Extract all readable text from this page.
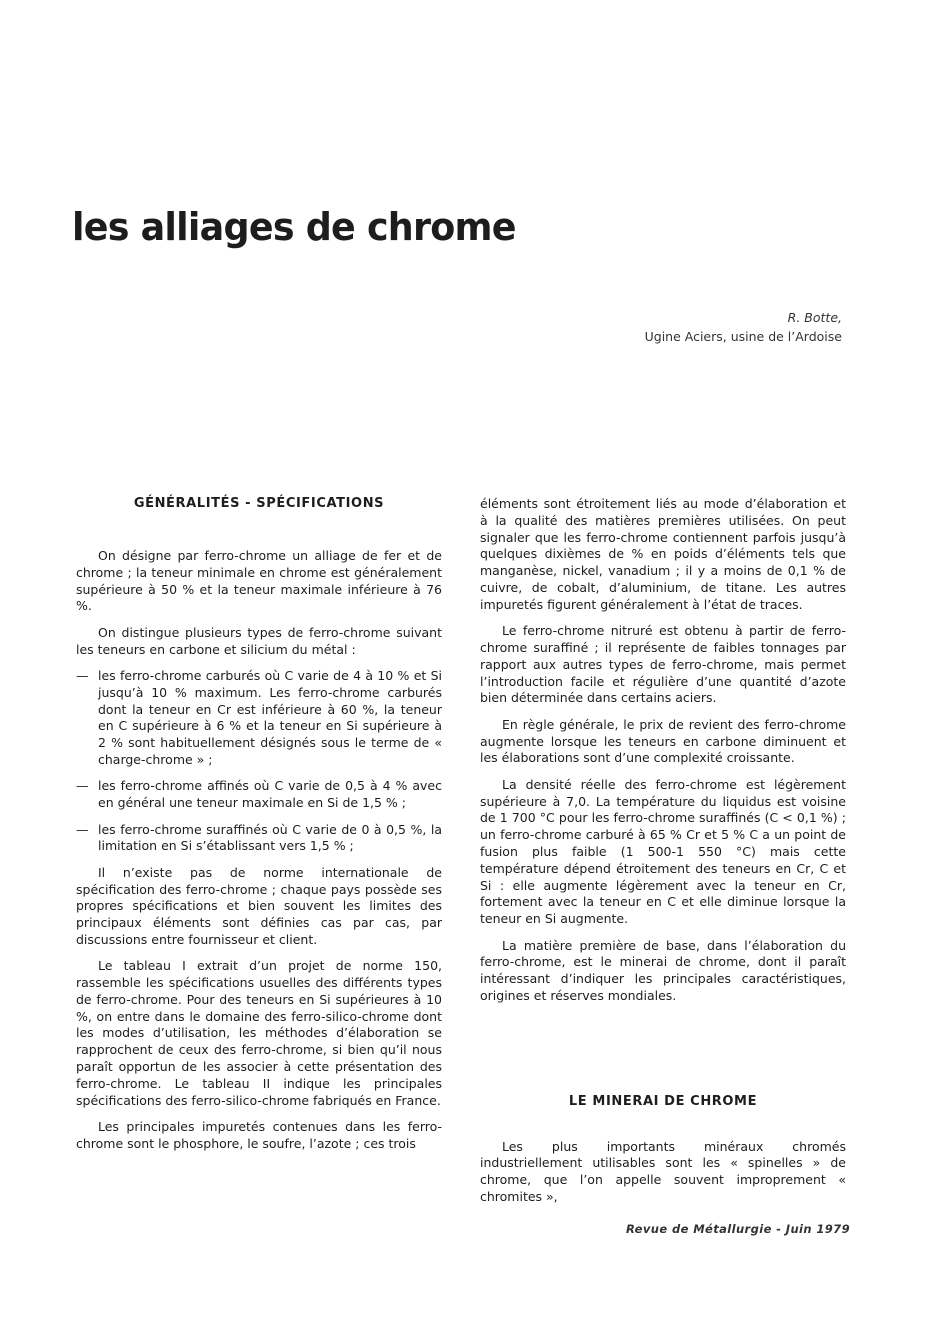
les alliages de chrome
R. Botte,
Ugine Aciers, usine de l’Ardoise
GÉNÉRALITÉS - SPÉCIFICATIONS

On désigne par ferro-chrome un alliage de fer et de chrome ; la teneur minimale en chrome est généralement supérieure à 50 % et la teneur maximale inférieure à 76 %.

On distingue plusieurs types de ferro-chrome suivant les teneurs en carbone et silicium du métal :

— les ferro-chrome carburés où C varie de 4 à 10 % et Si jusqu’à 10 % maximum. Les ferro-chrome carburés dont la teneur en Cr est inférieure à 60 %, la teneur en C supérieure à 6 % et la teneur en Si supérieure à 2 % sont habituellement désignés sous le terme de « charge-chrome » ;
— les ferro-chrome affinés où C varie de 0,5 à 4 % avec en général une teneur maximale en Si de 1,5 % ;
— les ferro-chrome suraffinés où C varie de 0 à 0,5 %, la limitation en Si s’établissant vers 1,5 % ;

Il n’existe pas de norme internationale de spécification des ferro-chrome ; chaque pays possède ses propres spécifications et bien souvent les limites des principaux éléments sont définies cas par cas, par discussions entre fournisseur et client.

Le tableau I extrait d’un projet de norme 150, rassemble les spécifications usuelles des différents types de ferro-chrome. Pour des teneurs en Si supérieures à 10 %, on entre dans le domaine des ferro-silico-chrome dont les modes d’utilisation, les méthodes d’élaboration se rapprochent de ceux des ferro-chrome, si bien qu’il nous paraît opportun de les associer à cette présentation des ferro-chrome. Le tableau II indique les principales spécifications des ferro-silico-chrome fabriqués en France.

Les principales impuretés contenues dans les ferro-chrome sont le phosphore, le soufre, l’azote ; ces trois

éléments sont étroitement liés au mode d’élaboration et à la qualité des matières premières utilisées. On peut signaler que les ferro-chrome contiennent parfois jusqu’à quelques dixièmes de % en poids d’éléments tels que manganèse, nickel, vanadium ; il y a moins de 0,1 % de cuivre, de cobalt, d’aluminium, de titane. Les autres impuretés figurent généralement à l’état de traces.

Le ferro-chrome nitruré est obtenu à partir de ferro-chrome suraffiné ; il représente de faibles tonnages par rapport aux autres types de ferro-chrome, mais permet l’introduction facile et régulière d’une quantité d’azote bien déterminée dans certains aciers.

En règle générale, le prix de revient des ferro-chrome augmente lorsque les teneurs en carbone diminuent et les élaborations sont d’une complexité croissante.

La densité réelle des ferro-chrome est légèrement supérieure à 7,0. La température du liquidus est voisine de 1 700 °C pour les ferro-chrome suraffinés (C < 0,1 %) ; un ferro-chrome carburé à 65 % Cr et 5 % C a un point de fusion plus faible (1 500-1 550 °C) mais cette température dépend étroitement des teneurs en Cr, C et Si : elle augmente légèrement avec la teneur en Cr, fortement avec la teneur en C et elle diminue lorsque la teneur en Si augmente.

La matière première de base, dans l’élaboration du ferro-chrome, est le minerai de chrome, dont il paraît intéressant d’indiquer les principales caractéristiques, origines et réserves mondiales.

LE MINERAI DE CHROME

Les plus importants minéraux chromés industriellement utilisables sont les « spinelles » de chrome, que l’on appelle souvent improprement « chromites »,

Revue de Métallurgie - Juin 1979
